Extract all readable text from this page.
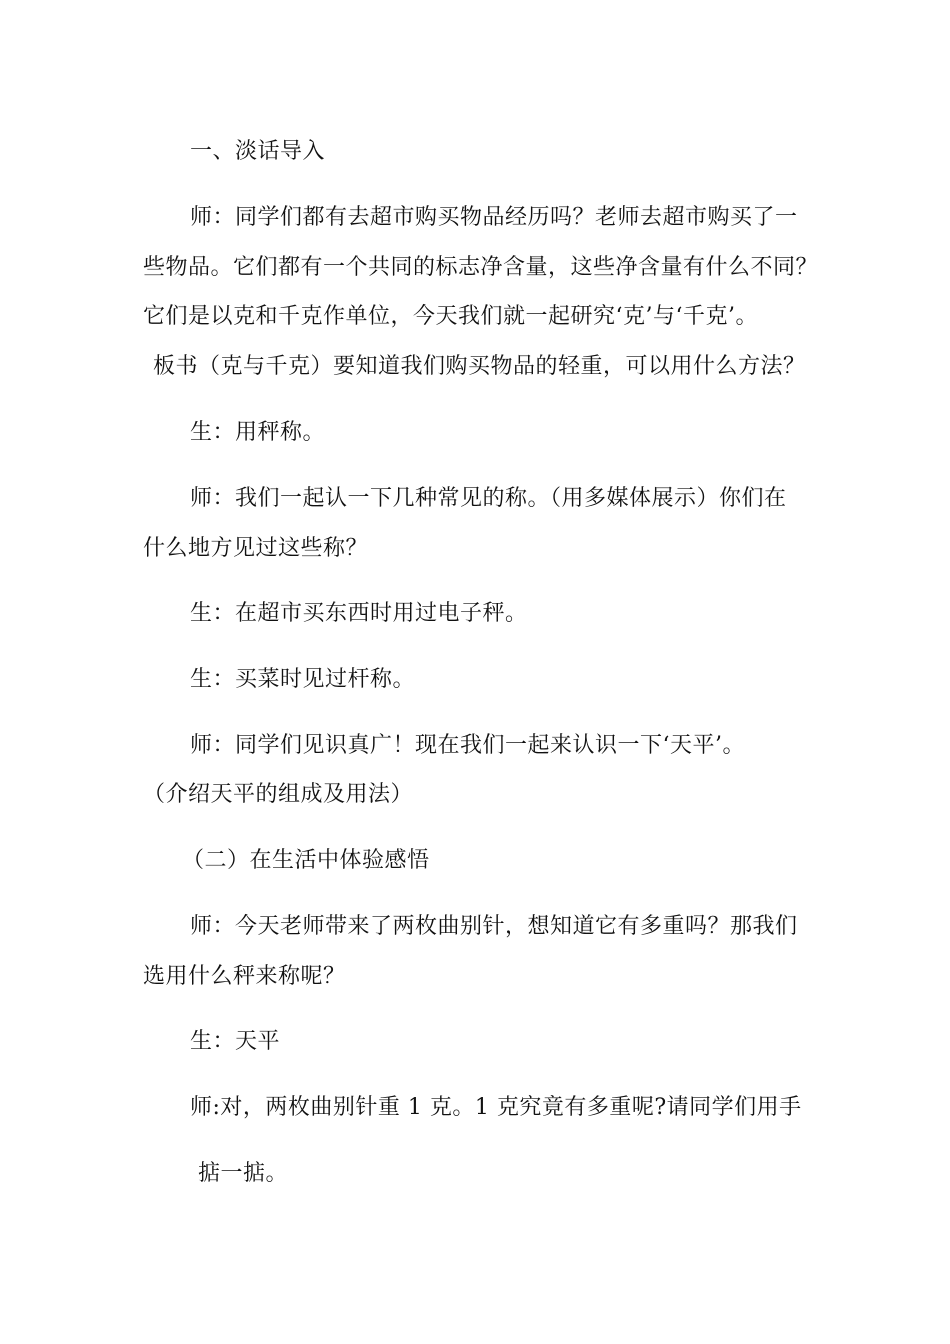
一、淡话导入
师：同学们都有去超市购买物品经历吗？老师去超市购买了一
些物品。它们都有一个共同的标志净含量，这些净含量有什么不同？
它们是以克和千克作单位，今天我们就一起研究‘克’与‘千克’。
板书（克与千克）要知道我们购买物品的轻重，可以用什么方法？
生：用秤称。
师：我们一起认一下几种常见的称。（用多媒体展示）你们在
什么地方见过这些称？
生：在超市买东西时用过电子秤。
生：买菜时见过杆称。
师：同学们见识真广！现在我们一起来认识一下‘天平’。
（介绍天平的组成及用法）
（二）在生活中体验感悟
师：今天老师带来了两枚曲别针，想知道它有多重吗？那我们
选用什么秤来称呢？
生：天平
师:对，两枚曲别针重 1 克。1 克究竟有多重呢?请同学们用手
掂一掂。
